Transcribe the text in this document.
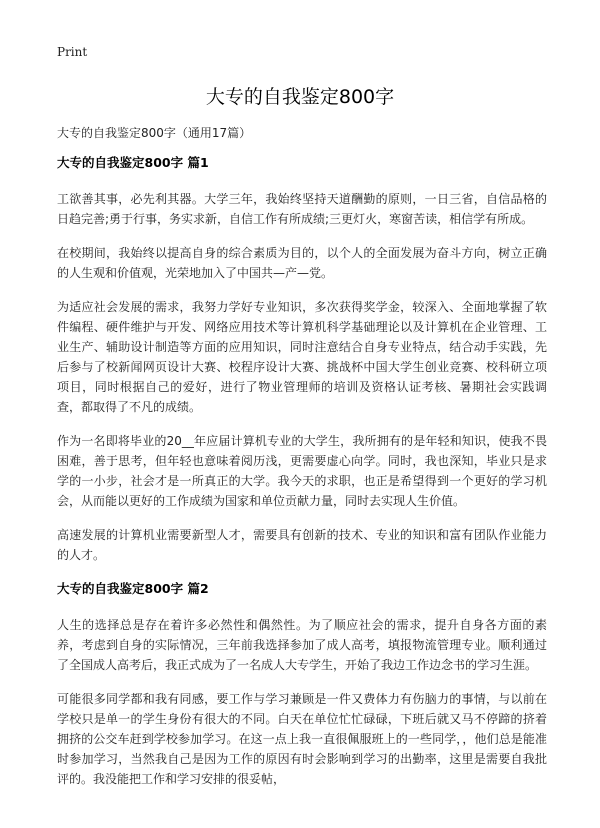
Print
大专的自我鉴定800字
大专的自我鉴定800字（通用17篇）
大专的自我鉴定800字 篇1

工欲善其事，必先利其器。大学三年，我始终坚持天道酬勤的原则，一日三省，自信品格的日趋完善;勇于行事，务实求新，自信工作有所成绩;三更灯火，寒窗苦读，相信学有所成。

在校期间，我始终以提高自身的综合素质为目的，以个人的全面发展为奋斗方向，树立正确的人生观和价值观，光荣地加入了中国共—产—党。

为适应社会发展的需求，我努力学好专业知识，多次获得奖学金，较深入、全面地掌握了软件编程、硬件维护与开发、网络应用技术等计算机科学基础理论以及计算机在企业管理、工业生产、辅助设计制造等方面的应用知识，同时注意结合自身专业特点，结合动手实践，先后参与了校新闻网页设计大赛、校程序设计大赛、挑战杯中国大学生创业竞赛、校科研立项项目，同时根据自己的爱好，进行了物业管理师的培训及资格认证考核、暑期社会实践调查，都取得了不凡的成绩。

作为一名即将毕业的20__年应届计算机专业的大学生，我所拥有的是年轻和知识，使我不畏困难，善于思考，但年轻也意味着阅历浅，更需要虚心向学。同时，我也深知，毕业只是求学的一小步，社会才是一所真正的大学。我今天的求职，也正是希望得到一个更好的学习机会，从而能以更好的工作成绩为国家和单位贡献力量，同时去实现人生价值。

高速发展的计算机业需要新型人才，需要具有创新的技术、专业的知识和富有团队作业能力的人才。

大专的自我鉴定800字 篇2

人生的选择总是存在着许多必然性和偶然性。为了顺应社会的需求，提升自身各方面的素养，考虑到自身的实际情况，三年前我选择参加了成人高考，填报物流管理专业。顺利通过了全国成人高考后，我正式成为了一名成人大专学生，开始了我边工作边念书的学习生涯。

可能很多同学都和我有同感，要工作与学习兼顾是一件又费体力有伤脑力的事情，与以前在学校只是单一的学生身份有很大的不同。白天在单位忙忙碌碌，下班后就又马不停蹄的挤着拥挤的公交车赶到学校参加学习。在这一点上我一直很佩服班上的一些同学，，他们总是能准时参加学习，当然我自己是因为工作的原因有时会影响到学习的出勤率，这里是需要自我批评的。我没能把工作和学习安排的很妥帖，
